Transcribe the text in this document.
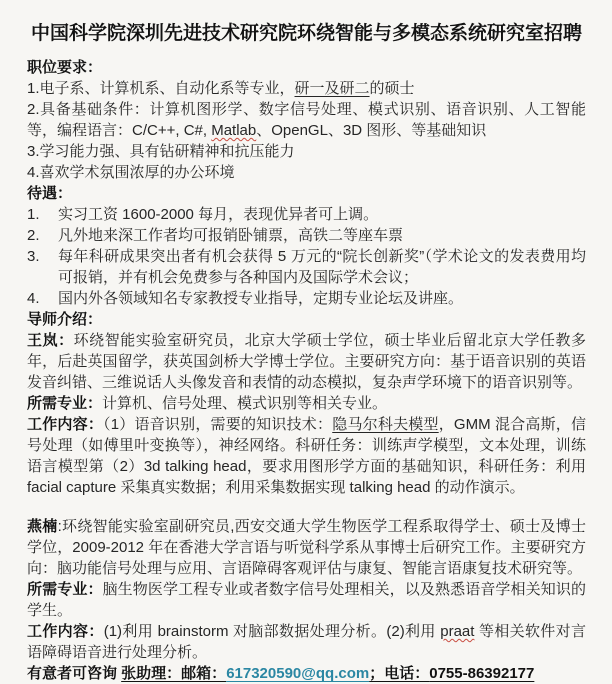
中国科学院深圳先进技术研究院环绕智能与多模态系统研究室招聘

职位要求：

1.电子系、计算机系、自动化系等专业，研一及研二的硕士

2.具备基础条件：计算机图形学、数字信号处理、模式识别、语音识别、人工智能等，编程语言：C/C++, C#, Matlab、OpenGL、3D 图形、等基础知识

3.学习能力强、具有钻研精神和抗压能力

4.喜欢学术氛围浓厚的办公环境

待遇：

1.	实习工资 1600-2000 每月，表现优异者可上调。
2.	凡外地来深工作者均可报销卧铺票，高铁二等座车票
3.	每年科研成果突出者有机会获得 5 万元的“院长创新奖”（学术论文的发表费用均可报销，并有机会免费参与各种国内及国际学术会议；
4.	国内外各领域知名专家教授专业指导，定期专业论坛及讲座。

导师介绍：

王岚：环绕智能实验室研究员，北京大学硕士学位，硕士毕业后留北京大学任教多年，后赴英国留学，获英国剑桥大学博士学位。主要研究方向：基于语音识别的英语发音纠错、三维说话人头像发音和表情的动态模拟，复杂声学环境下的语音识别等。

所需专业：计算机、信号处理、模式识别等相关专业。

工作内容：（1）语音识别，需要的知识技术：隐马尔科夫模型，GMM 混合高斯，信号处理（如傅里叶变换等），神经网络。科研任务：训练声学模型，文本处理，训练语言模型第（2）3d talking head，要求用图形学方面的基础知识，科研任务：利用 facial capture 采集真实数据；利用采集数据实现 talking head 的动作演示。

燕楠:环绕智能实验室副研究员,西安交通大学生物医学工程系取得学士、硕士及博士学位，2009-2012 年在香港大学言语与听觉科学系从事博士后研究工作。主要研究方向：脑功能信号处理与应用、言语障碍客观评估与康复、智能言语康复技术研究等。

所需专业：脑生物医学工程专业或者数字信号处理相关，以及熟悉语音学相关知识的学生。

工作内容：(1)利用 brainstorm 对脑部数据处理分析。(2)利用 praat 等相关软件对言语障碍语音进行处理分析。

有意者可咨询 张助理：邮箱：617320590@qq.com；电话：0755-86392177
